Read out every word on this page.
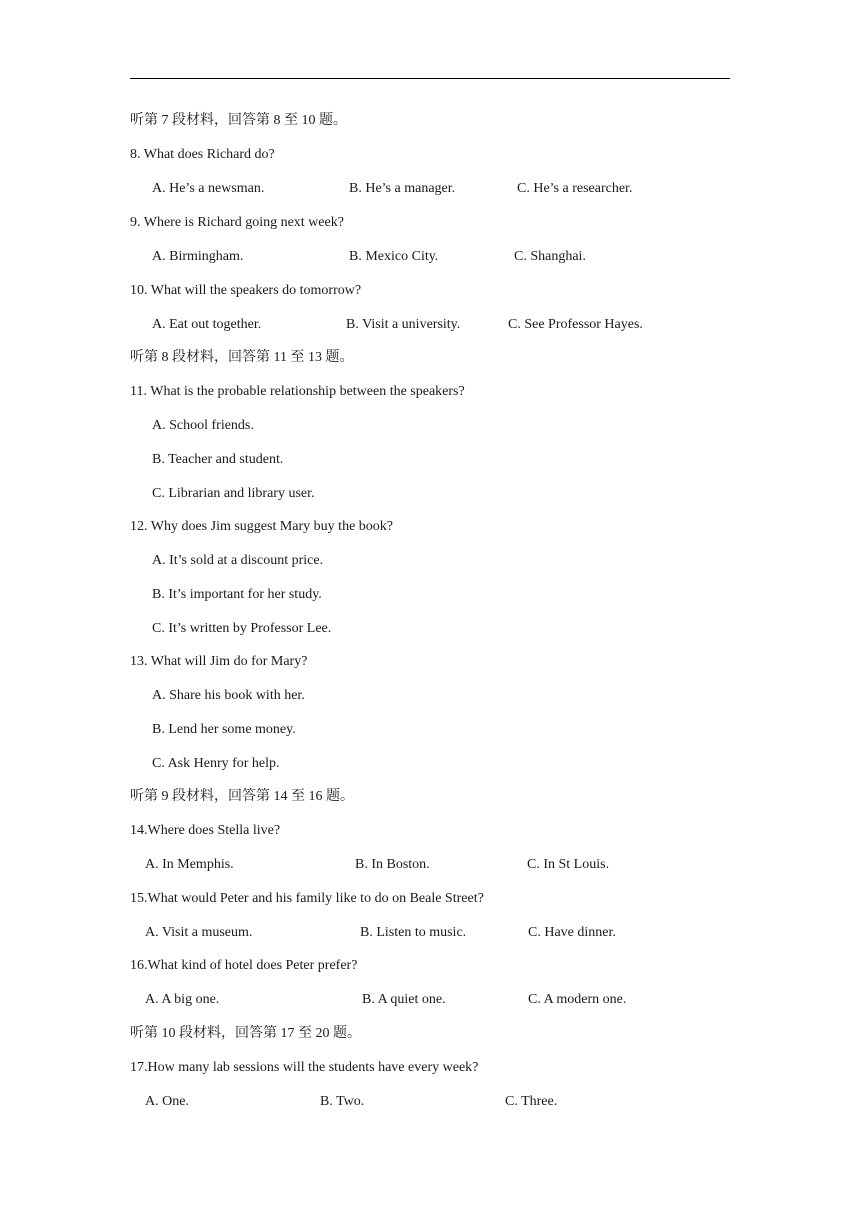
听第 7 段材料，回答第 8 至 10 题。
8. What does Richard do?
A. He’s a newsman.	B. He’s a manager.	C. He’s a researcher.
9. Where is Richard going next week?
A. Birmingham.	B. Mexico City.	C. Shanghai.
10. What will the speakers do tomorrow?
A. Eat out together.	B. Visit a university.	C. See Professor Hayes.
听第 8 段材料，回答第 11 至 13 题。
11. What is the probable relationship between the speakers?
A. School friends.
B. Teacher and student.
C. Librarian and library user.
12. Why does Jim suggest Mary buy the book?
A. It’s sold at a discount price.
B. It’s important for her study.
C. It’s written by Professor Lee.
13. What will Jim do for Mary?
A. Share his book with her.
B. Lend her some money.
C. Ask Henry for help.
听第 9 段材料，回答第 14 至 16 题。
14.Where does Stella live?
A. In Memphis.	B. In Boston.	C. In St Louis.
15.What would Peter and his family like to do on Beale Street?
A. Visit a museum.	B. Listen to music.	C. Have dinner.
16.What kind of hotel does Peter prefer?
A. A big one.	B. A quiet one.	C. A modern one.
听第 10 段材料，回答第 17 至 20 题。
17.How many lab sessions will the students have every week?
A. One.	B. Two.	C. Three.
